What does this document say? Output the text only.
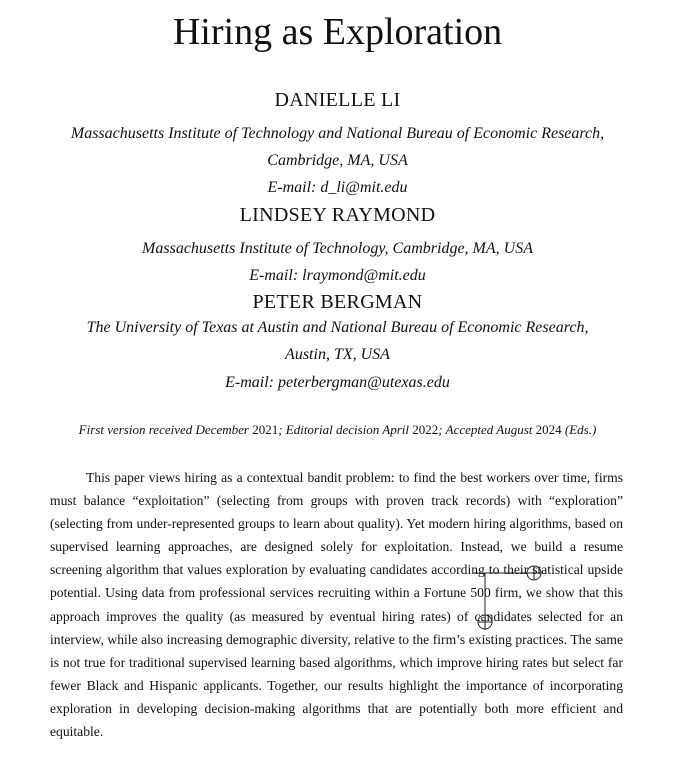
Hiring as Exploration
DANIELLE LI
Massachusetts Institute of Technology and National Bureau of Economic Research,
Cambridge, MA, USA
E-mail: d_li@mit.edu
LINDSEY RAYMOND
Massachusetts Institute of Technology, Cambridge, MA, USA
E-mail: lraymond@mit.edu
PETER BERGMAN
The University of Texas at Austin and National Bureau of Economic Research,
Austin, TX, USA
E-mail: peterbergman@utexas.edu
First version received December 2021; Editorial decision April 2022; Accepted August 2024 (Eds.)

This paper views hiring as a contextual bandit problem: to find the best workers over time, firms must balance “exploitation” (selecting from groups with proven track records) with “exploration” (selecting from under-represented groups to learn about quality). Yet modern hiring algorithms, based on supervised learning approaches, are designed solely for exploitation. Instead, we build a resume screening algorithm that values exploration by evaluating candidates according to their statistical upside potential. Using data from professional services recruiting within a Fortune 500 firm, we show that this approach improves the quality (as measured by eventual hiring rates) of candidates selected for an interview, while also increasing demographic diversity, relative to the firm’s existing practices. The same is not true for traditional supervised learning based algorithms, which improve hiring rates but select far fewer Black and Hispanic applicants. Together, our results highlight the importance of incorporating exploration in developing decision-making algorithms that are potentially both more efficient and equitable.
